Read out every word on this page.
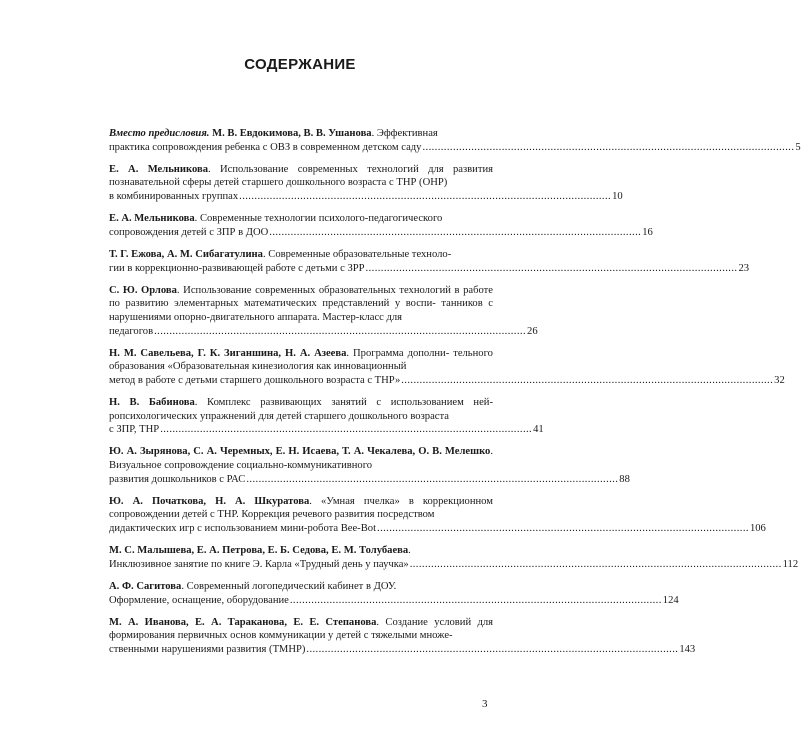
СОДЕРЖАНИЕ
Вместо предисловия. М. В. Евдокимова, В. В. Ушанова. Эффективная
практика сопровождения ребенка с ОВЗ в современном детском саду .......................................................................................................................... 5
Е. А. Мельникова. Использование современных технологий для развития познавательной сферы детей старшего дошкольного возраста с ТНР (ОНР)
в комбинированных группах .......................................................................................................................... 10
Е. А. Мельникова. Современные технологии психолого-педагогического
сопровождения детей с ЗПР в ДОО .......................................................................................................................... 16
Т. Г. Ежова, А. М. Сибагатулина. Современные образовательные техноло-
гии в коррекционно-развивающей работе с детьми с ЗРР .......................................................................................................................... 23
С. Ю. Орлова. Использование современных образовательных технологий в работе по развитию элементарных математических представлений у воспи- танников с нарушениями опорно-двигательного аппарата. Мастер-класс для
педагогов .......................................................................................................................... 26
Н. М. Савельева, Г. К. Зиганшина, Н. А. Азеева. Программа дополни- тельного образования «Образовательная кинезиология как инновационный
метод в работе с детьми старшего дошкольного возраста с ТНР» .......................................................................................................................... 32
Н. В. Бабинова. Комплекс развивающих занятий с использованием ней- ропсихологических упражнений для детей старшего дошкольного возраста
с ЗПР, ТНР .......................................................................................................................... 41
Ю. А. Зырянова, С. А. Черемных, Е. Н. Исаева, Т. А. Чекалева, О. В. Мелешко. Визуальное сопровождение социально-коммуникативного
развития дошкольников с РАС .......................................................................................................................... 88
Ю. А. Початкова, Н. А. Шкуратова. «Умная пчелка» в коррекционном сопровождении детей с ТНР. Коррекция речевого развития посредством
дидактических игр с использованием мини-робота Bee-Bot .......................................................................................................................... 106
М. С. Малышева, Е. А. Петрова, Е. Б. Седова, Е. М. Толубаева.
Инклюзивное занятие по книге Э. Карла «Трудный день у паучка» .......................................................................................................................... 112
А. Ф. Сагитова. Современный логопедический кабинет в ДОУ.
Оформление, оснащение, оборудование .......................................................................................................................... 124
М. А. Иванова, Е. А. Тараканова, Е. Е. Степанова. Создание условий для формирования первичных основ коммуникации у детей с тяжелыми множе-
ственными нарушениями развития (ТМНР) .......................................................................................................................... 143
3
